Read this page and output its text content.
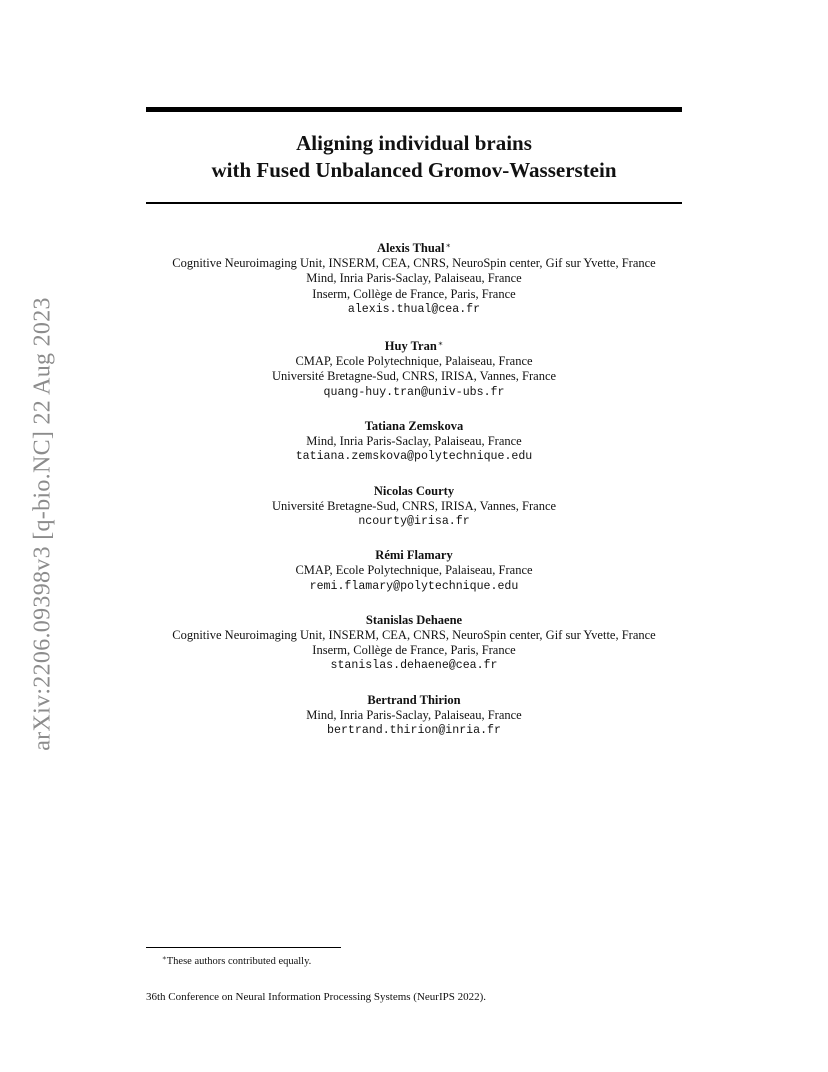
arXiv:2206.09398v3 [q-bio.NC] 22 Aug 2023
Aligning individual brains
with Fused Unbalanced Gromov-Wasserstein
Alexis Thual∗
Cognitive Neuroimaging Unit, INSERM, CEA, CNRS, NeuroSpin center, Gif sur Yvette, France
Mind, Inria Paris-Saclay, Palaiseau, France
Inserm, Collège de France, Paris, France
alexis.thual@cea.fr
Huy Tran∗
CMAP, Ecole Polytechnique, Palaiseau, France
Université Bretagne-Sud, CNRS, IRISA, Vannes, France
quang-huy.tran@univ-ubs.fr
Tatiana Zemskova
Mind, Inria Paris-Saclay, Palaiseau, France
tatiana.zemskova@polytechnique.edu
Nicolas Courty
Université Bretagne-Sud, CNRS, IRISA, Vannes, France
ncourty@irisa.fr
Rémi Flamary
CMAP, Ecole Polytechnique, Palaiseau, France
remi.flamary@polytechnique.edu
Stanislas Dehaene
Cognitive Neuroimaging Unit, INSERM, CEA, CNRS, NeuroSpin center, Gif sur Yvette, France
Inserm, Collège de France, Paris, France
stanislas.dehaene@cea.fr
Bertrand Thirion
Mind, Inria Paris-Saclay, Palaiseau, France
bertrand.thirion@inria.fr
∗These authors contributed equally.
36th Conference on Neural Information Processing Systems (NeurIPS 2022).
